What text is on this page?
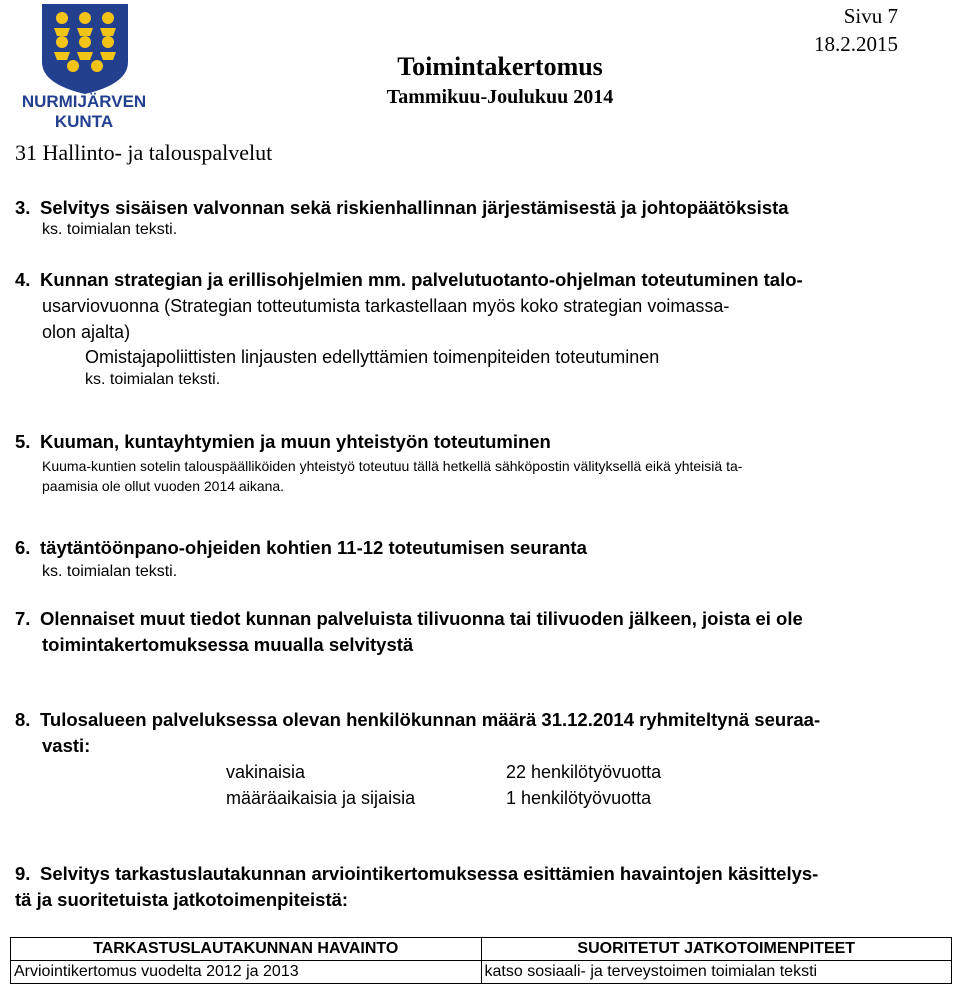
NURMIJÄRVEN
KUNTA
Sivu 7
18.2.2015
Toimintakertomus
Tammikuu-Joulukuu 2014
31 Hallinto- ja talouspalvelut
3. Selvitys sisäisen valvonnan sekä riskienhallinnan järjestämisestä ja johtopäätöksista
ks. toimialan teksti.
4. Kunnan strategian ja erillisohjelmien mm. palvelutuotanto-ohjelman toteutuminen talo-
usarviovuonna (Strategian totteutumista tarkastellaan myös koko strategian voimassa-
olon ajalta)
Omistajapoliittisten linjausten edellyttämien toimenpiteiden toteutuminen
ks. toimialan teksti.
5. Kuuman, kuntayhtymien ja muun yhteistyön toteutuminen
Kuuma-kuntien sotelin talouspäälliköiden yhteistyö toteutuu tällä hetkellä sähköpostin välityksellä eikä yhteisiä ta-
paamisia ole ollut vuoden 2014 aikana.
6. täytäntöönpano-ohjeiden kohtien 11-12 toteutumisen seuranta
ks. toimialan teksti.
7. Olennaiset muut tiedot kunnan palveluista tilivuonna tai tilivuoden jälkeen, joista ei ole
toimintakertomuksessa muualla selvitystä
8. Tulosalueen palveluksessa olevan henkilökunnan määrä 31.12.2014 ryhmiteltynä seuraa-
vasti:
vakinaisia	22 henkilötyövuotta
määräaikaisia ja sijaisia	1 henkilötyövuotta
9. Selvitys tarkastuslautakunnan arviointikertomuksessa esittämien havaintojen käsittelys-
tä ja suoritetuista jatkotoimenpiteistä:
TARKASTUSLAUTAKUNNAN HAVAINTO	SUORITETUT JATKOTOIMENPITEET
Arviointikertomus vuodelta 2012 ja 2013	katso sosiaali- ja terveystoimen toimialan teksti
